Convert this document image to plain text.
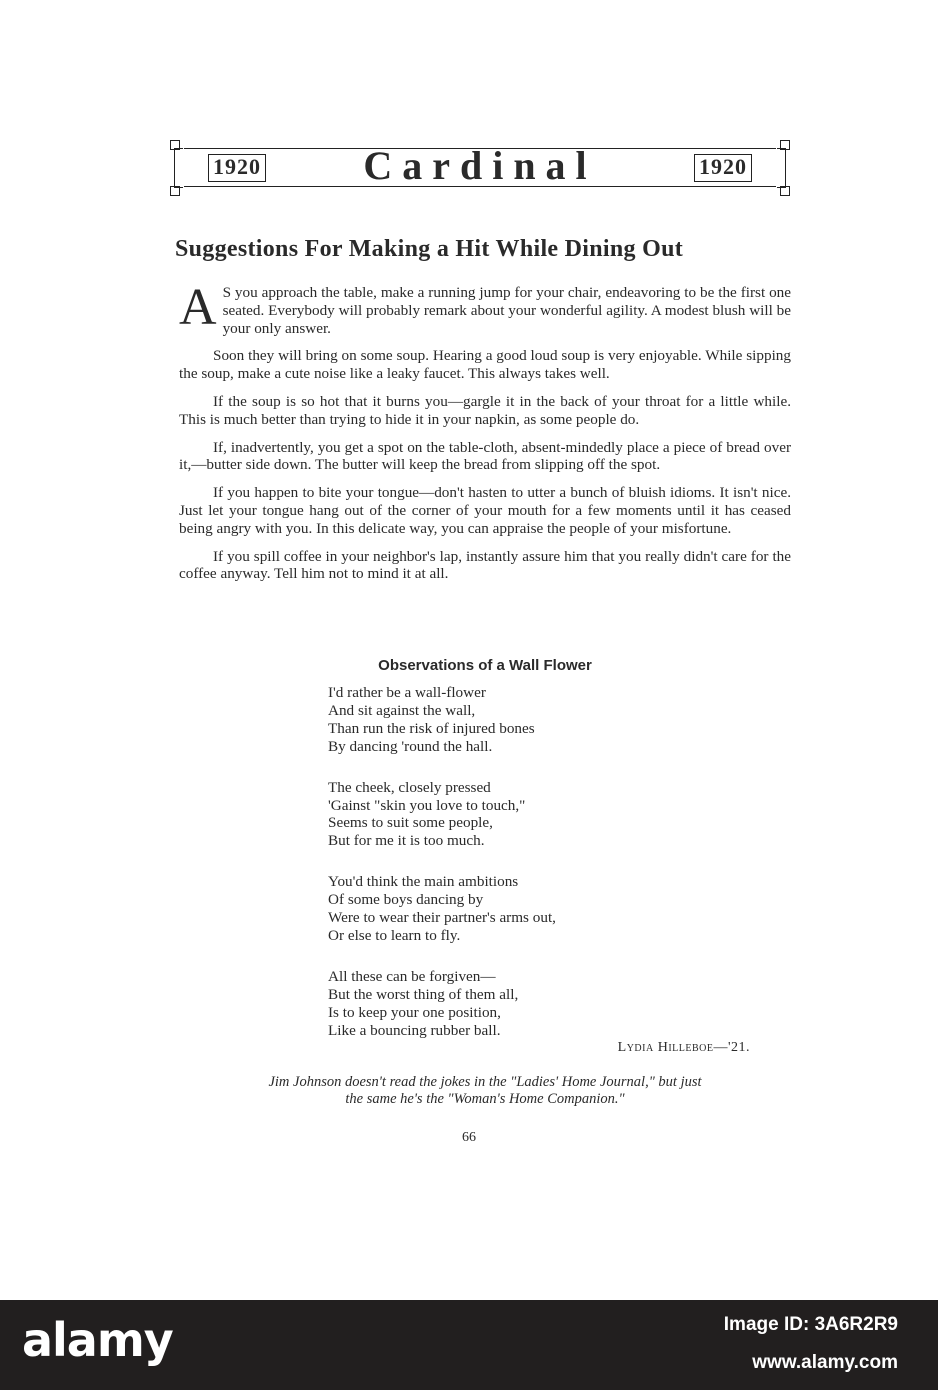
1920	Cardinal	1920
Suggestions For Making a Hit While Dining Out

A S you approach the table, make a running jump for your chair, endeavoring to be the first one seated. Everybody will probably remark about your wonderful agility. A modest blush will be your only answer.

Soon they will bring on some soup. Hearing a good loud soup is very enjoyable. While sipping the soup, make a cute noise like a leaky faucet. This always takes well.

If the soup is so hot that it burns you—gargle it in the back of your throat for a little while. This is much better than trying to hide it in your napkin, as some people do.

If, inadvertently, you get a spot on the table-cloth, absent-mindedly place a piece of bread over it,—butter side down. The butter will keep the bread from slipping off the spot.

If you happen to bite your tongue—don't hasten to utter a bunch of bluish idioms. It isn't nice. Just let your tongue hang out of the corner of your mouth for a few moments until it has ceased being angry with you. In this delicate way, you can appraise the people of your misfortune.

If you spill coffee in your neighbor's lap, instantly assure him that you really didn't care for the coffee anyway. Tell him not to mind it at all.

Observations of a Wall Flower
I'd rather be a wall-flower
And sit against the wall,
Than run the risk of injured bones
By dancing 'round the hall.
The cheek, closely pressed
'Gainst "skin you love to touch,"
Seems to suit some people,
But for me it is too much.
You'd think the main ambitions
Of some boys dancing by
Were to wear their partner's arms out,
Or else to learn to fly.
All these can be forgiven—
But the worst thing of them all,
Is to keep your one position,
Like a bouncing rubber ball.
Lydia Hilleboe—'21.
Jim Johnson doesn't read the jokes in the "Ladies' Home Journal," but just
the same he's the "Woman's Home Companion."
66
alamy	Image ID: 3A6R2R9
www.alamy.com
